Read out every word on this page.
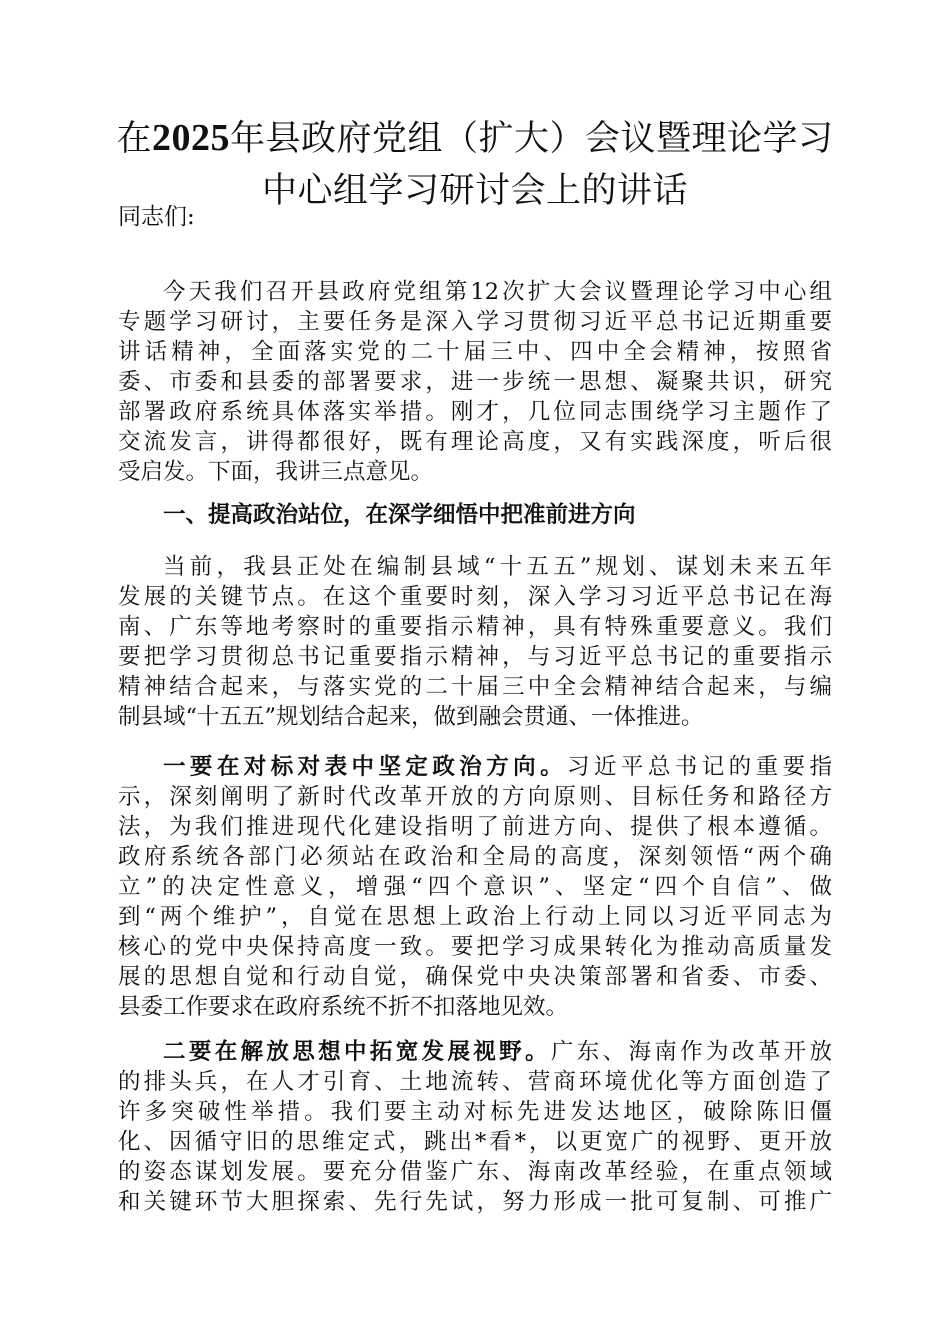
在2025年县政府党组（扩大）会议暨理论学习
中心组学习研讨会上的讲话
同志们:
今天我们召开县政府党组第12次扩大会议暨理论学习中心组
专题学习研讨，主要任务是深入学习贯彻习近平总书记近期重要
讲话精神，全面落实党的二十届三中、四中全会精神，按照省
委、市委和县委的部署要求，进一步统一思想、凝聚共识，研究
部署政府系统具体落实举措。刚才，几位同志围绕学习主题作了
交流发言，讲得都很好，既有理论高度，又有实践深度，听后很
受启发。下面，我讲三点意见。
一、提高政治站位，在深学细悟中把准前进方向
当前，我县正处在编制县域“十五五”规划、谋划未来五年
发展的关键节点。在这个重要时刻，深入学习习近平总书记在海
南、广东等地考察时的重要指示精神，具有特殊重要意义。我们
要把学习贯彻总书记重要指示精神，与习近平总书记的重要指示
精神结合起来，与落实党的二十届三中全会精神结合起来，与编
制县域“十五五”规划结合起来，做到融会贯通、一体推进。
一要在对标对表中坚定政治方向。习近平总书记的重要指
示，深刻阐明了新时代改革开放的方向原则、目标任务和路径方
法，为我们推进现代化建设指明了前进方向、提供了根本遵循。
政府系统各部门必须站在政治和全局的高度，深刻领悟“两个确
立”的决定性意义，增强“四个意识”、坚定“四个自信”、做
到“两个维护”，自觉在思想上政治上行动上同以习近平同志为
核心的党中央保持高度一致。要把学习成果转化为推动高质量发
展的思想自觉和行动自觉，确保党中央决策部署和省委、市委、
县委工作要求在政府系统不折不扣落地见效。
二要在解放思想中拓宽发展视野。广东、海南作为改革开放
的排头兵，在人才引育、土地流转、营商环境优化等方面创造了
许多突破性举措。我们要主动对标先进发达地区，破除陈旧僵
化、因循守旧的思维定式，跳出*看*，以更宽广的视野、更开放
的姿态谋划发展。要充分借鉴广东、海南改革经验，在重点领域
和关键环节大胆探索、先行先试，努力形成一批可复制、可推广
